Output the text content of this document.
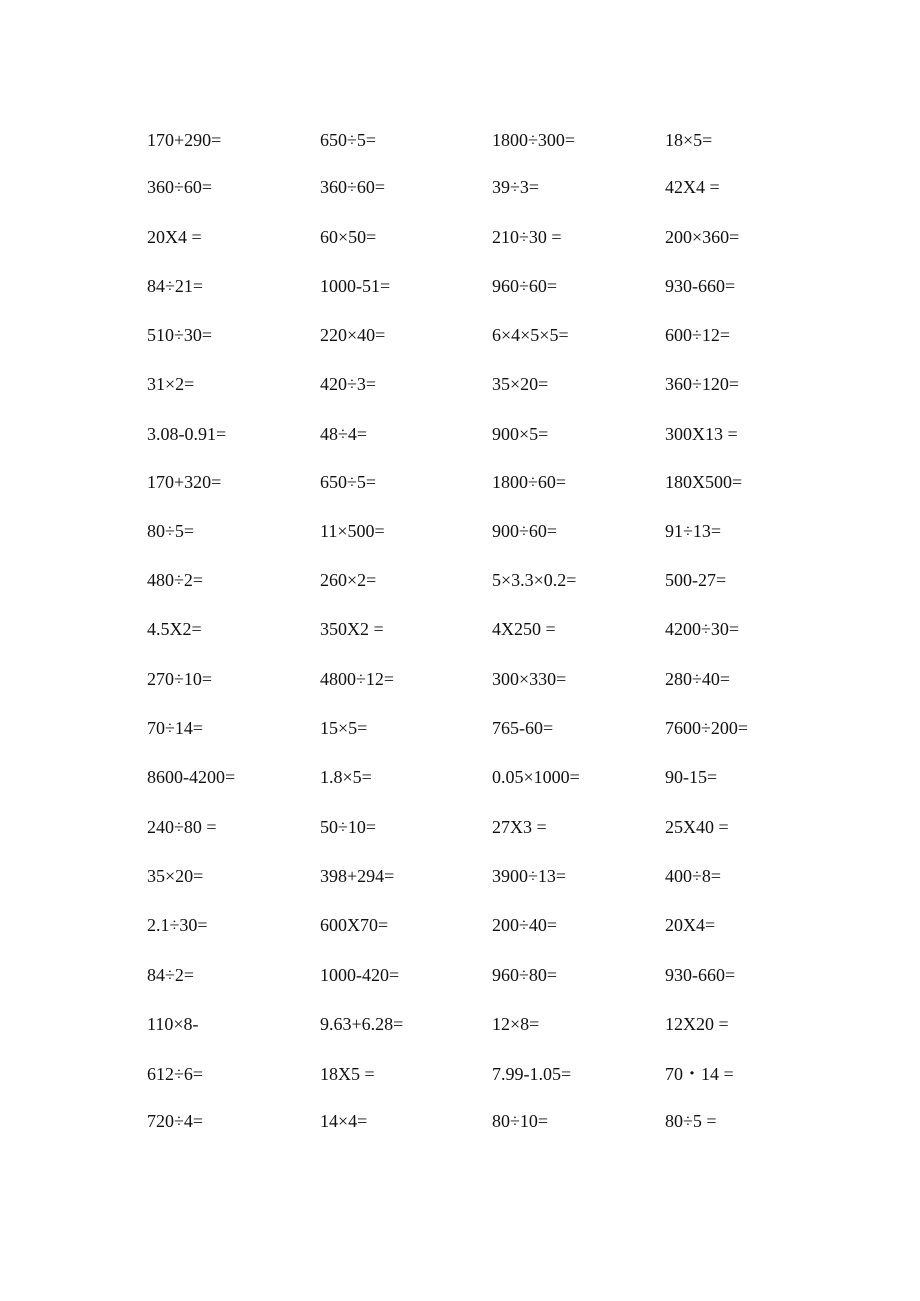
170+290=	650÷5=	1800÷300=	18×5=
360÷60=	360÷60=	39÷3=	42X4 =
20X4 =	60×50=	210÷30 =	200×360=
84÷21=	1000-51=	960÷60=	930-660=
510÷30=	220×40=	6×4×5×5=	600÷12=
31×2=	420÷3=	35×20=	360÷120=
3.08-0.91=	48÷4=	900×5=	300X13 =
170+320=	650÷5=	1800÷60=	180X500=
80÷5=	11×500=	900÷60=	91÷13=
480÷2=	260×2=	5×3.3×0.2=	500-27=
4.5X2=	350X2 =	4X250 =	4200÷30=
270÷10=	4800÷12=	300×330=	280÷40=
70÷14=	15×5=	765-60=	7600÷200=
8600-4200=	1.8×5=	0.05×1000=	90-15=
240÷80 =	50÷10=	27X3 =	25X40 =
35×20=	398+294=	3900÷13=	400÷8=
2.1÷30=	600X70=	200÷40=	20X4=
84÷2=	1000-420=	960÷80=	930-660=
110×8-	9.63+6.28=	12×8=	12X20 =
612÷6=	18X5 =	7.99-1.05=	70・14 =
720÷4=	14×4=	80÷10=	80÷5 =
